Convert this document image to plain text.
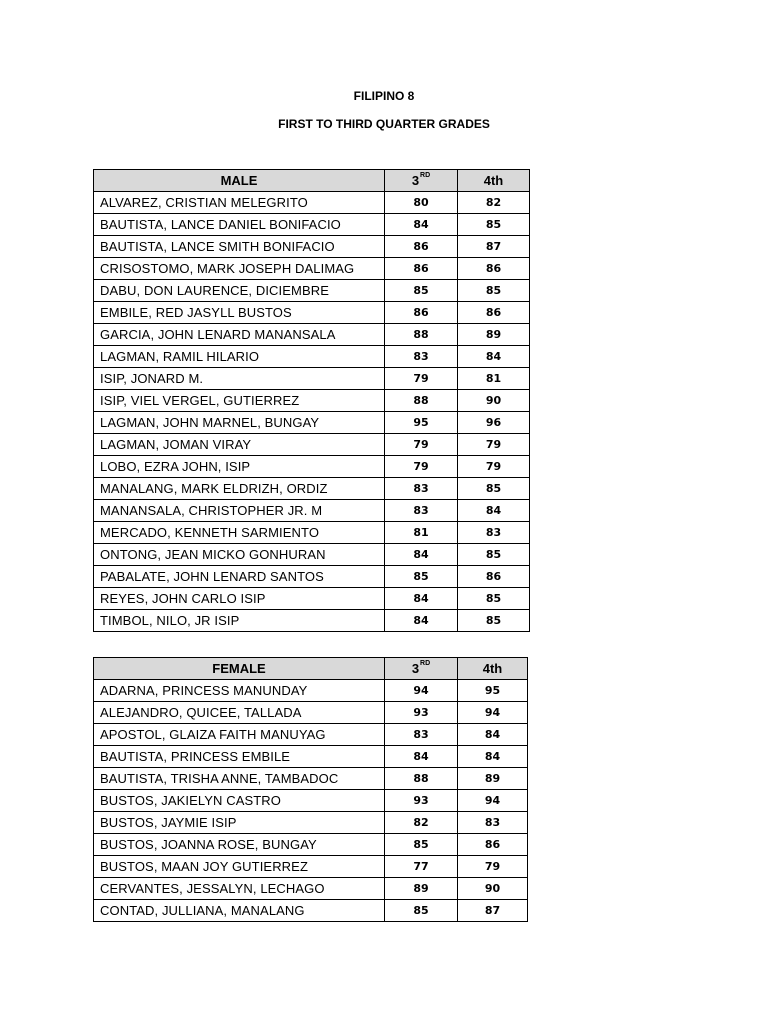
FILIPINO 8
FIRST TO THIRD QUARTER GRADES
MALE	3RD	4th
ALVAREZ, CRISTIAN MELEGRITO	80	82
BAUTISTA, LANCE DANIEL BONIFACIO	84	85
BAUTISTA, LANCE SMITH BONIFACIO	86	87
CRISOSTOMO, MARK JOSEPH DALIMAG	86	86
DABU, DON LAURENCE, DICIEMBRE	85	85
EMBILE, RED JASYLL BUSTOS	86	86
GARCIA, JOHN LENARD MANANSALA	88	89
LAGMAN, RAMIL HILARIO	83	84
ISIP, JONARD M.	79	81
ISIP, VIEL VERGEL, GUTIERREZ	88	90
LAGMAN, JOHN MARNEL, BUNGAY	95	96
LAGMAN, JOMAN VIRAY	79	79
LOBO, EZRA JOHN, ISIP	79	79
MANALANG, MARK ELDRIZH, ORDIZ	83	85
MANANSALA, CHRISTOPHER JR. M	83	84
MERCADO, KENNETH SARMIENTO	81	83
ONTONG, JEAN MICKO GONHURAN	84	85
PABALATE, JOHN LENARD SANTOS	85	86
REYES, JOHN CARLO ISIP	84	85
TIMBOL, NILO, JR ISIP	84	85
FEMALE	3RD	4th
ADARNA, PRINCESS MANUNDAY	94	95
ALEJANDRO, QUICEE, TALLADA	93	94
APOSTOL, GLAIZA FAITH MANUYAG	83	84
BAUTISTA, PRINCESS EMBILE	84	84
BAUTISTA, TRISHA ANNE, TAMBADOC	88	89
BUSTOS, JAKIELYN CASTRO	93	94
BUSTOS, JAYMIE ISIP	82	83
BUSTOS, JOANNA ROSE, BUNGAY	85	86
BUSTOS, MAAN JOY GUTIERREZ	77	79
CERVANTES, JESSALYN, LECHAGO	89	90
CONTAD, JULLIANA, MANALANG	85	87
